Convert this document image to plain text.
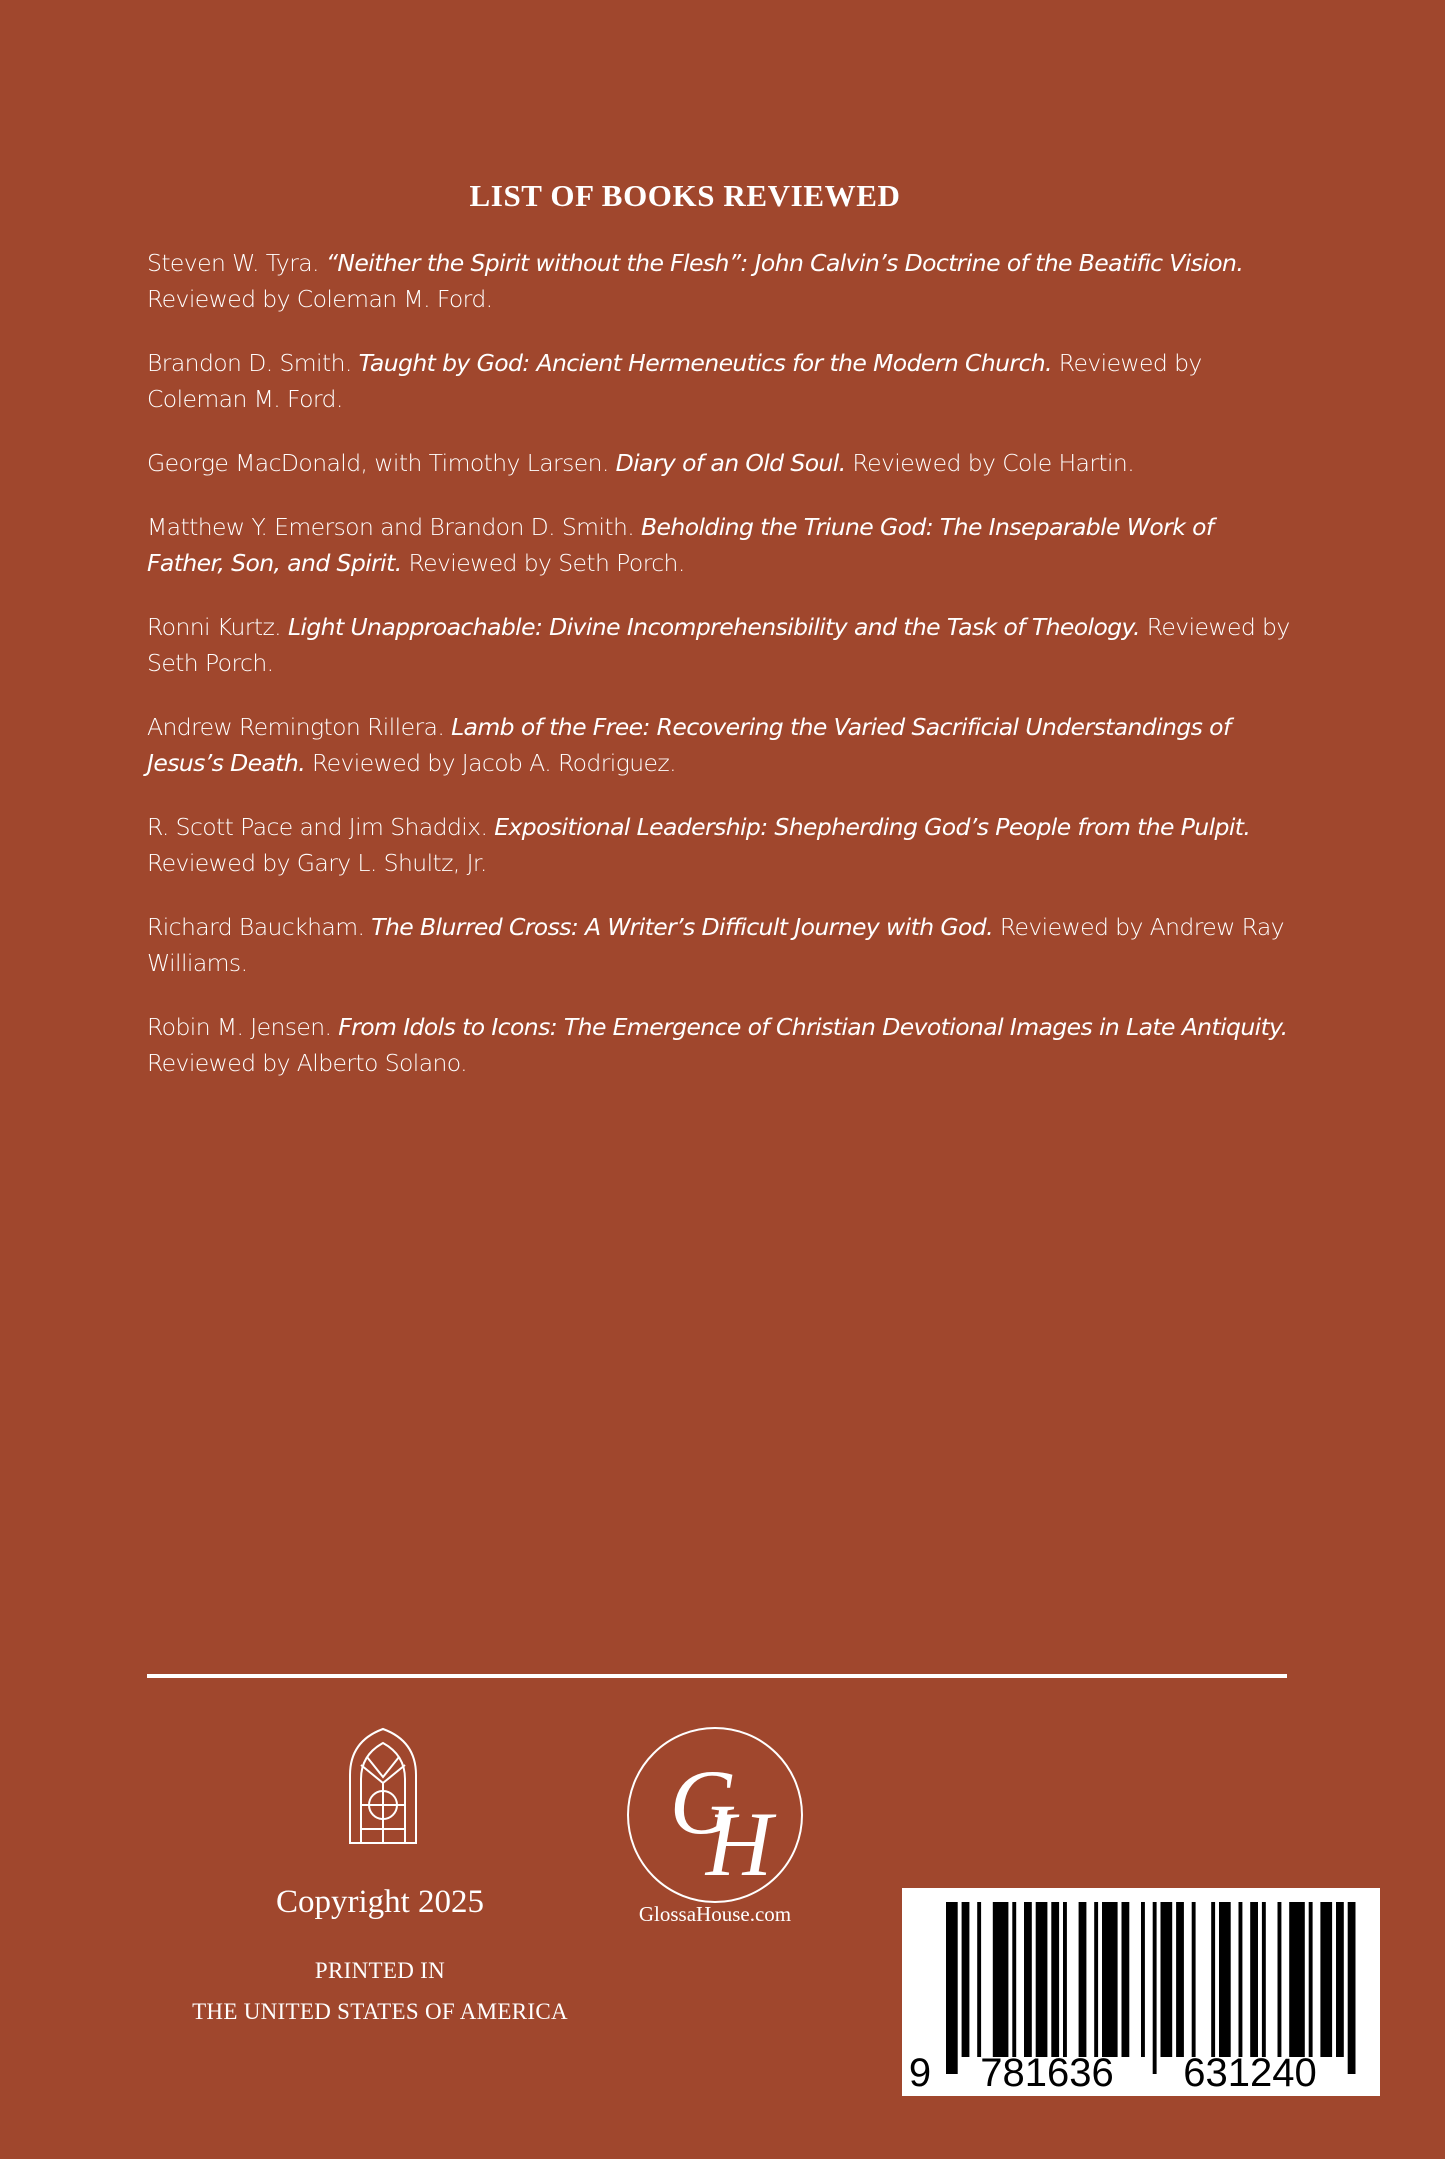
LIST OF BOOKS REVIEWED

Steven W. Tyra. “Neither the Spirit without the Flesh”: John Calvin’s Doctrine of the Beatific Vision. Reviewed by Coleman M. Ford.

Brandon D. Smith. Taught by God: Ancient Hermeneutics for the Modern Church. Reviewed by Coleman M. Ford.

George MacDonald, with Timothy Larsen. Diary of an Old Soul. Reviewed by Cole Hartin.

Matthew Y. Emerson and Brandon D. Smith. Beholding the Triune God: The Inseparable Work of Father, Son, and Spirit. Reviewed by Seth Porch.

Ronni Kurtz. Light Unapproachable: Divine Incomprehensibility and the Task of Theology. Reviewed by Seth Porch.

Andrew Remington Rillera. Lamb of the Free: Recovering the Varied Sacrificial Understandings of Jesus’s Death. Reviewed by Jacob A. Rodriguez.

R. Scott Pace and Jim Shaddix. Expositional Leadership: Shepherding God’s People from the Pulpit. Reviewed by Gary L. Shultz, Jr.

Richard Bauckham. The Blurred Cross: A Writer’s Difficult Journey with God. Reviewed by Andrew Ray Williams.

Robin M. Jensen. From Idols to Icons: The Emergence of Christian Devotional Images in Late Antiquity. Reviewed by Alberto Solano.

Copyright 2025
PRINTED IN
THE UNITED STATES OF AMERICA
G
H
GlossaHouse.com
9 781636 631240
